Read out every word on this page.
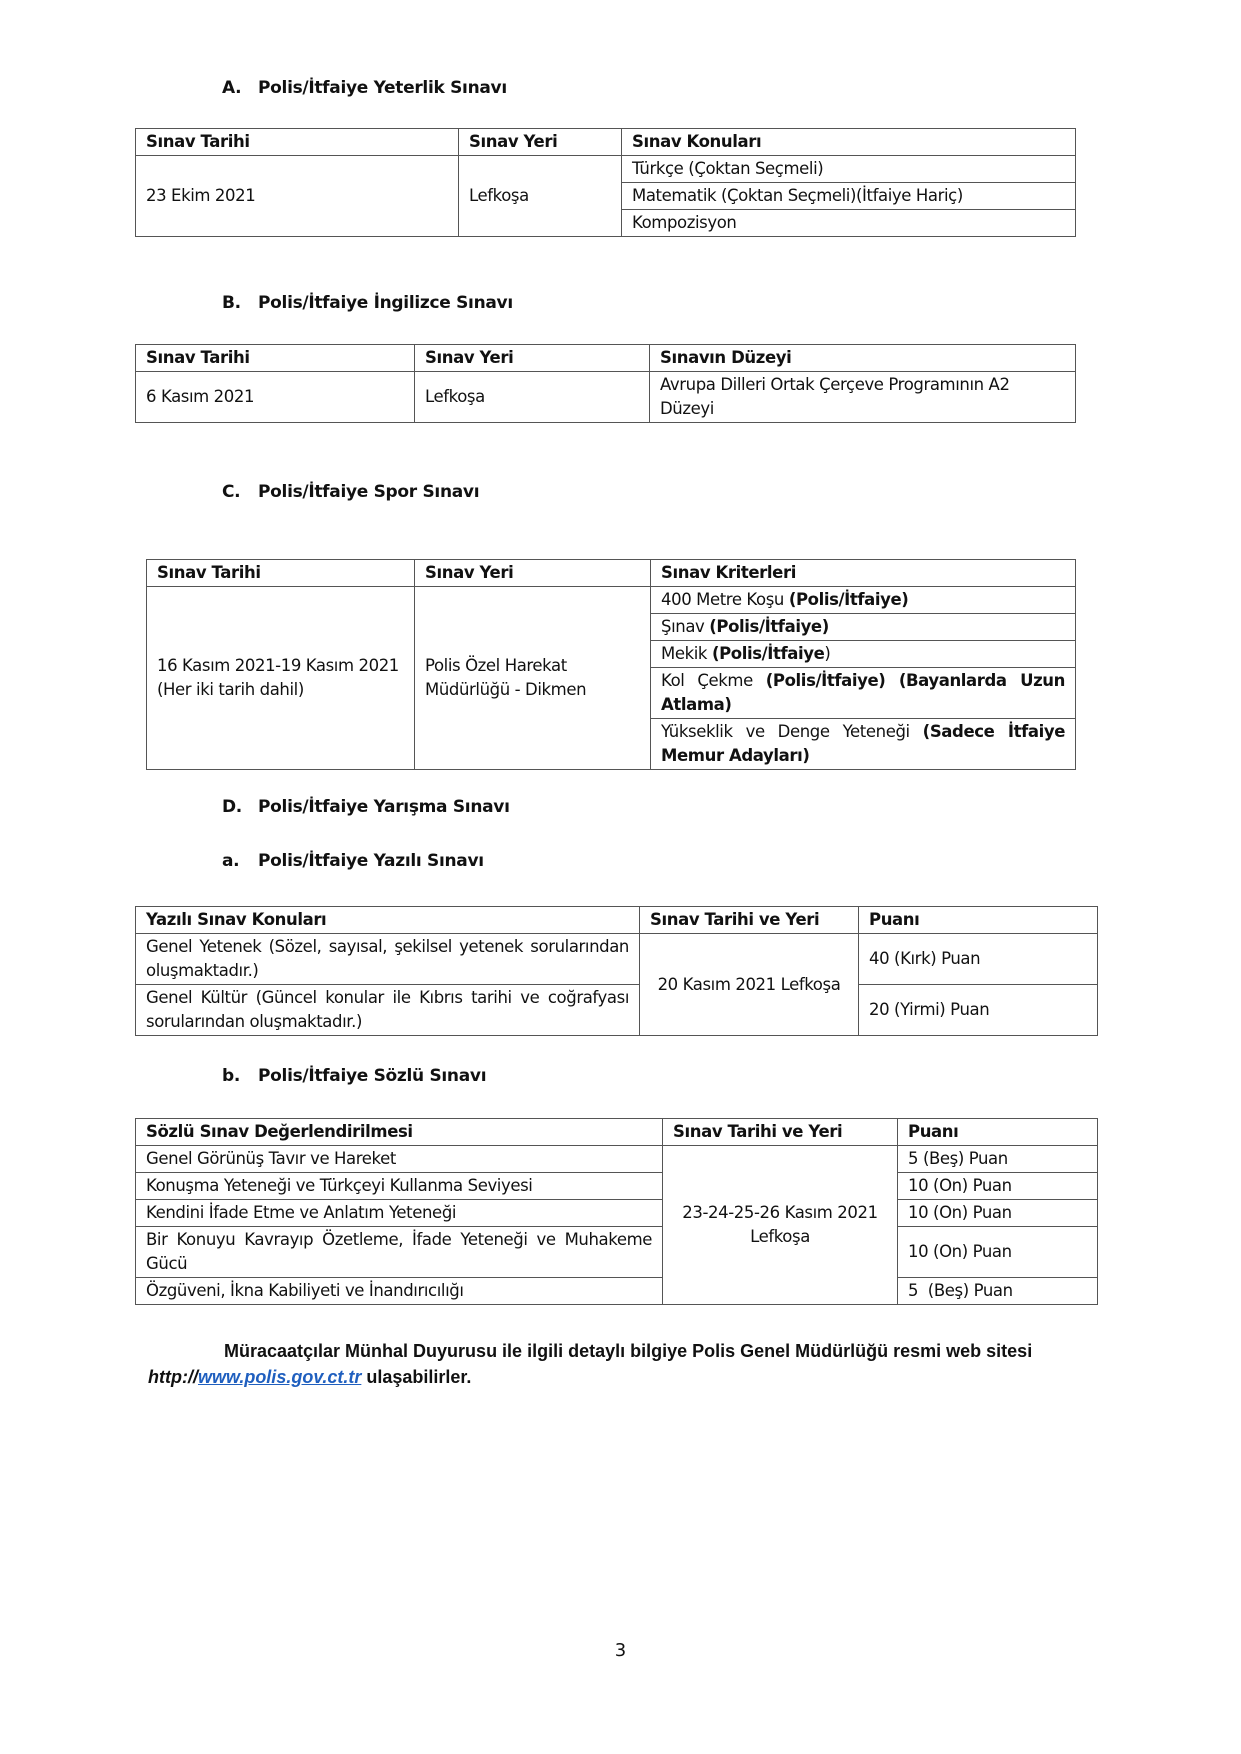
A. Polis/İtfaiye Yeterlik Sınavı
Sınav Tarihi	Sınav Yeri	Sınav Konuları
23 Ekim 2021	Lefkoşa	Türkçe (Çoktan Seçmeli)
		Matematik (Çoktan Seçmeli)(İtfaiye Hariç)
		Kompozisyon
B. Polis/İtfaiye İngilizce Sınavı
Sınav Tarihi	Sınav Yeri	Sınavın Düzeyi
6 Kasım 2021	Lefkoşa	Avrupa Dilleri Ortak Çerçeve Programının A2 Düzeyi
C. Polis/İtfaiye Spor Sınavı
Sınav Tarihi	Sınav Yeri	Sınav Kriterleri
16 Kasım 2021-19 Kasım 2021 (Her iki tarih dahil)	Polis Özel Harekat Müdürlüğü - Dikmen	400 Metre Koşu (Polis/İtfaiye)
		Şınav (Polis/İtfaiye)
		Mekik (Polis/İtfaiye)
		Kol Çekme (Polis/İtfaiye) (Bayanlarda Uzun Atlama)
		Yükseklik ve Denge Yeteneği (Sadece İtfaiye Memur Adayları)
D. Polis/İtfaiye Yarışma Sınavı
a. Polis/İtfaiye Yazılı Sınavı
Yazılı Sınav Konuları	Sınav Tarihi ve Yeri	Puanı
Genel Yetenek (Sözel, sayısal, şekilsel yetenek sorularından oluşmaktadır.)	20 Kasım 2021 Lefkoşa	40 (Kırk) Puan
Genel Kültür (Güncel konular ile Kıbrıs tarihi ve coğrafyası sorularından oluşmaktadır.)		20 (Yirmi) Puan
b. Polis/İtfaiye Sözlü Sınavı
Sözlü Sınav Değerlendirilmesi	Sınav Tarihi ve Yeri	Puanı
Genel Görünüş Tavır ve Hareket	23-24-25-26 Kasım 2021 Lefkoşa	5 (Beş) Puan
Konuşma Yeteneği ve Türkçeyi Kullanma Seviyesi		10 (On) Puan
Kendini İfade Etme ve Anlatım Yeteneği		10 (On) Puan
Bir Konuyu Kavrayıp Özetleme, İfade Yeteneği ve Muhakeme Gücü		10 (On) Puan
Özgüveni, İkna Kabiliyeti ve İnandırıcılığı		5  (Beş) Puan
Müracaatçılar Münhal Duyurusu ile ilgili detaylı bilgiye Polis Genel Müdürlüğü resmi web sitesi http://www.polis.gov.ct.tr ulaşabilirler.
3
